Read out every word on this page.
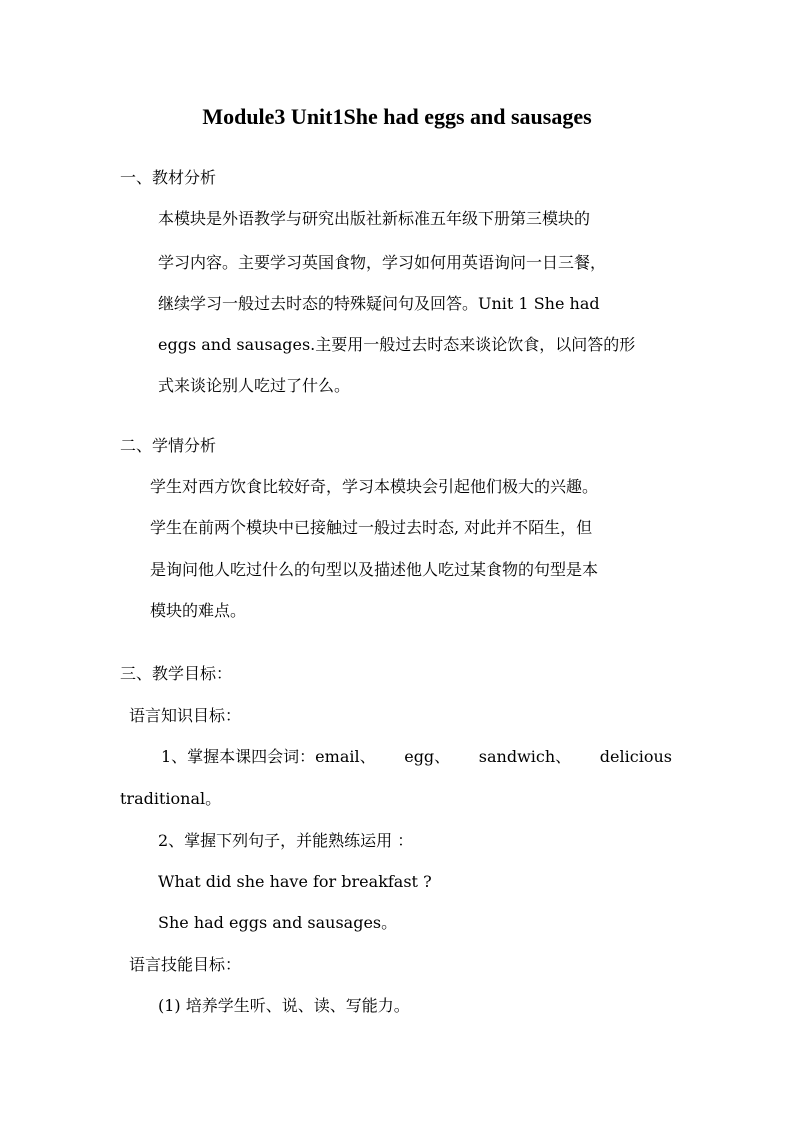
Module3 Unit1She had eggs and sausages
一、教材分析
本模块是外语教学与研究出版社新标准五年级下册第三模块的
学习内容。主要学习英国食物，学习如何用英语询问一日三餐，
继续学习一般过去时态的特殊疑问句及回答。Unit 1 She had
eggs and sausages.主要用一般过去时态来谈论饮食，以问答的形
式来谈论别人吃过了什么。
二、学情分析
学生对西方饮食比较好奇，学习本模块会引起他们极大的兴趣。
学生在前两个模块中已接触过一般过去时态, 对此并不陌生，但
是询问他人吃过什么的句型以及描述他人吃过某食物的句型是本
模块的难点。
三、教学目标：
语言知识目标：
1、掌握本课四会词：email、 egg、 sandwich、 delicious
traditional。
2、掌握下列句子，并能熟练运用 ：
What did she have for breakfast ?
She had eggs and sausages。
语言技能目标：
(1) 培养学生听、说、读、写能力。
